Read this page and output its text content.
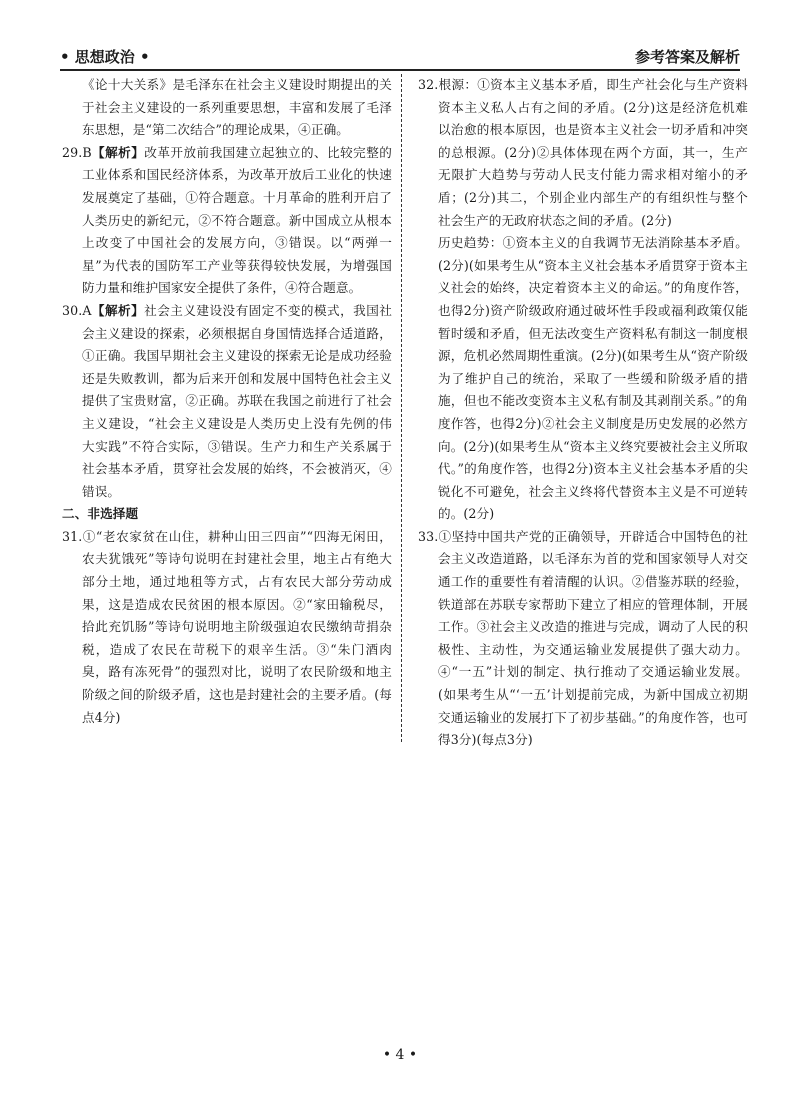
• 思想政治 •	参考答案及解析

《论十大关系》是毛泽东在社会主义建设时期提出的关于社会主义建设的一系列重要思想，丰富和发展了毛泽东思想，是“第二次结合”的理论成果，④正确。

29.B【解析】改革开放前我国建立起独立的、比较完整的工业体系和国民经济体系，为改革开放后工业化的快速发展奠定了基础，①符合题意。十月革命的胜利开启了人类历史的新纪元，②不符合题意。新中国成立从根本上改变了中国社会的发展方向，③错误。以“两弹一星”为代表的国防军工产业等获得较快发展，为增强国防力量和维护国家安全提供了条件，④符合题意。

30.A【解析】社会主义建设没有固定不变的模式，我国社会主义建设的探索，必须根据自身国情选择合适道路，①正确。我国早期社会主义建设的探索无论是成功经验还是失败教训，都为后来开创和发展中国特色社会主义提供了宝贵财富，②正确。苏联在我国之前进行了社会主义建设，“社会主义建设是人类历史上没有先例的伟大实践”不符合实际，③错误。生产力和生产关系属于社会基本矛盾，贯穿社会发展的始终，不会被消灭，④错误。

二、非选择题

31.①“老农家贫在山住，耕种山田三四亩”“四海无闲田，农夫犹饿死”等诗句说明在封建社会里，地主占有绝大部分土地，通过地租等方式，占有农民大部分劳动成果，这是造成农民贫困的根本原因。②“家田输税尽，拾此充饥肠”等诗句说明地主阶级强迫农民缴纳苛捐杂税，造成了农民在苛税下的艰辛生活。③“朱门酒肉臭，路有冻死骨”的强烈对比，说明了农民阶级和地主阶级之间的阶级矛盾，这也是封建社会的主要矛盾。(每点4分)

32.根源：①资本主义基本矛盾，即生产社会化与生产资料资本主义私人占有之间的矛盾。(2分)这是经济危机难以治愈的根本原因，也是资本主义社会一切矛盾和冲突的总根源。(2分)②具体体现在两个方面，其一，生产无限扩大趋势与劳动人民支付能力需求相对缩小的矛盾；(2分)其二，个别企业内部生产的有组织性与整个社会生产的无政府状态之间的矛盾。(2分)

历史趋势：①资本主义的自我调节无法消除基本矛盾。(2分)(如果考生从“资本主义社会基本矛盾贯穿于资本主义社会的始终，决定着资本主义的命运。”的角度作答，也得2分)资产阶级政府通过破坏性手段或福利政策仅能暂时缓和矛盾，但无法改变生产资料私有制这一制度根源，危机必然周期性重演。(2分)(如果考生从“资产阶级为了维护自己的统治，采取了一些缓和阶级矛盾的措施，但也不能改变资本主义私有制及其剥削关系。”的角度作答，也得2分)②社会主义制度是历史发展的必然方向。(2分)(如果考生从“资本主义终究要被社会主义所取代。”的角度作答，也得2分)资本主义社会基本矛盾的尖锐化不可避免，社会主义终将代替资本主义是不可逆转的。(2分)

33.①坚持中国共产党的正确领导，开辟适合中国特色的社会主义改造道路，以毛泽东为首的党和国家领导人对交通工作的重要性有着清醒的认识。②借鉴苏联的经验，铁道部在苏联专家帮助下建立了相应的管理体制，开展工作。③社会主义改造的推进与完成，调动了人民的积极性、主动性，为交通运输业发展提供了强大动力。④“一五”计划的制定、执行推动了交通运输业发展。(如果考生从“‘一五’计划提前完成，为新中国成立初期交通运输业的发展打下了初步基础。”的角度作答，也可得3分)(每点3分)

• 4 •
